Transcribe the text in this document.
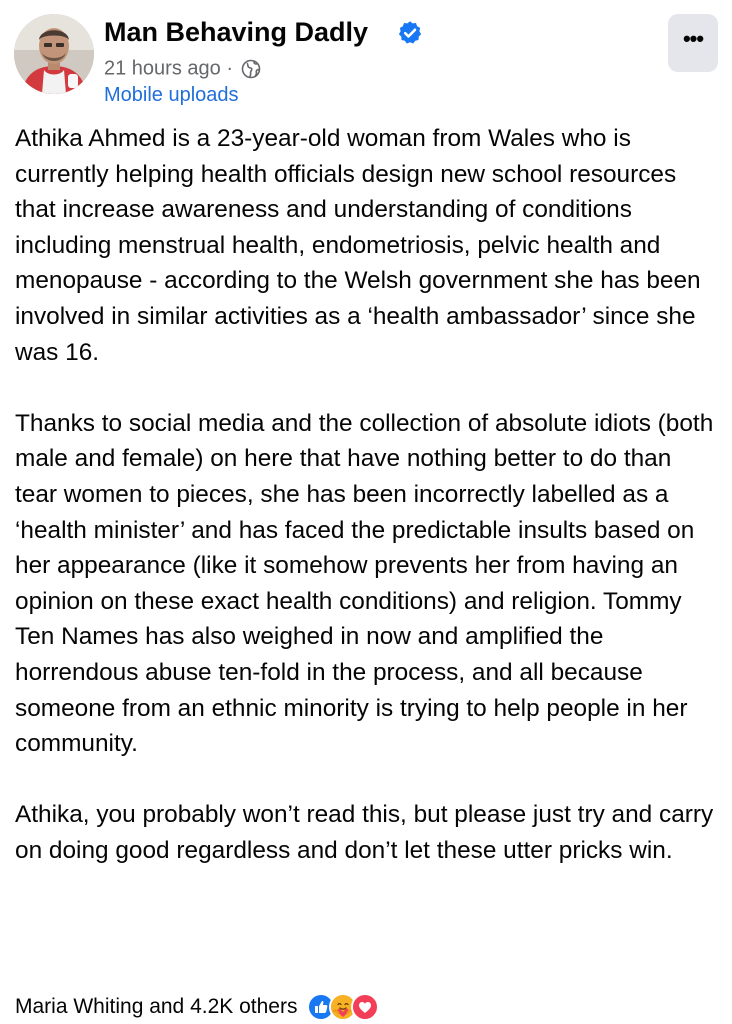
Man Behaving Dadly
21 hours ago ·
Mobile uploads
•••

Athika Ahmed is a 23-year-old woman from Wales who is currently helping health officials design new school resources that increase awareness and understanding of conditions including menstrual health, endometriosis, pelvic health and menopause - according to the Welsh government she has been involved in similar activities as a ‘health ambassador’ since she was 16.

Thanks to social media and the collection of absolute idiots (both male and female) on here that have nothing better to do than tear women to pieces, she has been incorrectly labelled as a ‘health minister’ and has faced the predictable insults based on her appearance (like it somehow prevents her from having an opinion on these exact health conditions) and religion. Tommy Ten Names has also weighed in now and amplified the horrendous abuse ten-fold in the process, and all because someone from an ethnic minority is trying to help people in her community.

Athika, you probably won’t read this, but please just try and carry on doing good regardless and don’t let these utter pricks win.

Maria Whiting and 4.2K others
